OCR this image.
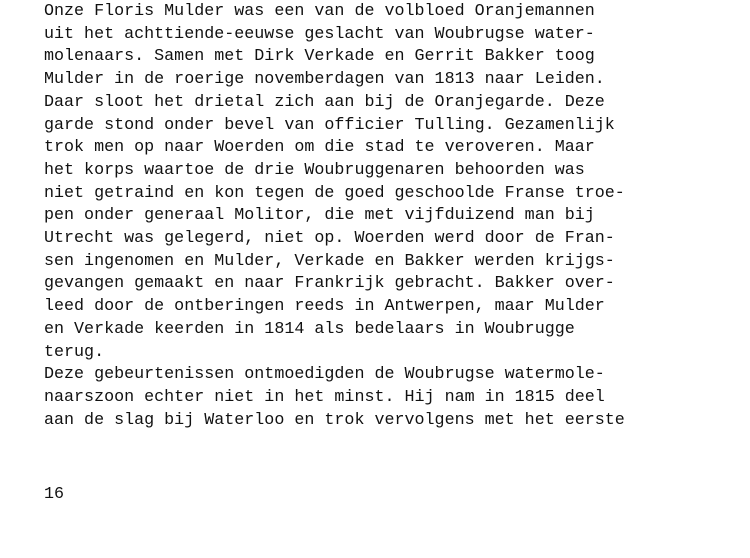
Onze Floris Mulder was een van de volbloed Oranjemannen
uit het achttiende-eeuwse geslacht van Woubrugse water-
molenaars. Samen met Dirk Verkade en Gerrit Bakker toog
Mulder in de roerige novemberdagen van 1813 naar Leiden.
Daar sloot het drietal zich aan bij de Oranjegarde. Deze
garde stond onder bevel van officier Tulling. Gezamenlijk
trok men op naar Woerden om die stad te veroveren. Maar
het korps waartoe de drie Woubruggenaren behoorden was
niet getraind en kon tegen de goed geschoolde Franse troe-
pen onder generaal Molitor, die met vijfduizend man bij
Utrecht was gelegerd, niet op. Woerden werd door de Fran-
sen ingenomen en Mulder, Verkade en Bakker werden krijgs-
gevangen gemaakt en naar Frankrijk gebracht. Bakker over-
leed door de ontberingen reeds in Antwerpen, maar Mulder
en Verkade keerden in 1814 als bedelaars in Woubrugge
terug.
Deze gebeurtenissen ontmoedigden de Woubrugse watermole-
naarszoon echter niet in het minst. Hij nam in 1815 deel
aan de slag bij Waterloo en trok vervolgens met het eerste
16
